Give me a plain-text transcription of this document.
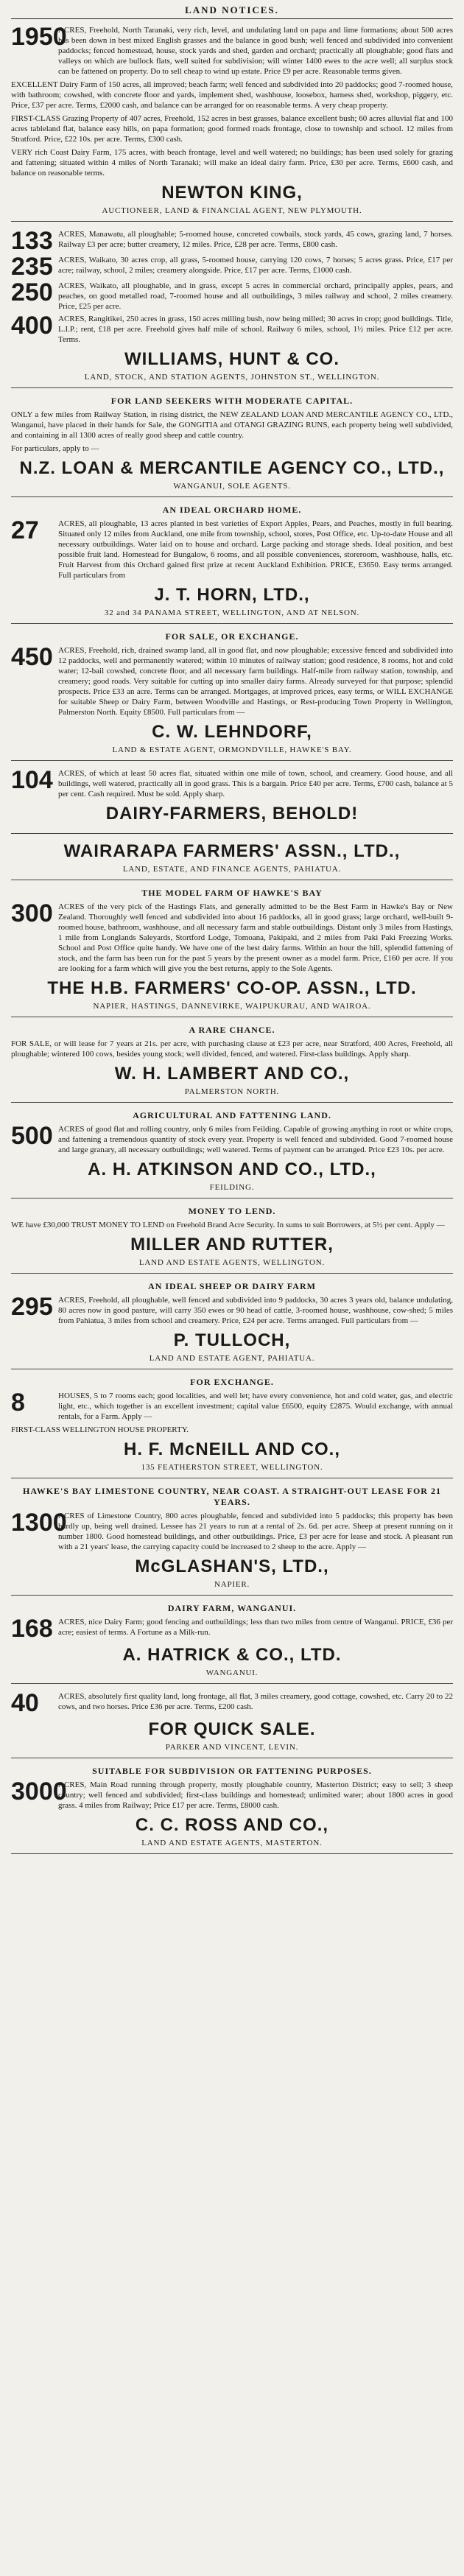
LAND NOTICES.
1950
ACRES, Freehold, North Taranaki, very rich, level, and undulating land on papa and lime formations; about 500 acres has been down in best mixed English grasses and the balance in good bush; well fenced and subdivided into convenient paddocks; fenced homestead, house, stock yards and shed, garden and orchard; practically all ploughable; good flats and valleys on which are bullock flats, well suited for subdivision; will winter 1400 ewes to the acre well; all surplus stock can be fattened on property. Do to sell cheap to wind up estate. Price £9 per acre. Reasonable terms given.
EXCELLENT Dairy Farm of 150 acres, all improved; beach farm; well fenced and subdivided into 20 paddocks; good 7-roomed house, with bathroom; cowshed, with concrete floor and yards, implement shed, washhouse, loosebox, harness shed, workshop, piggery, etc. Price, £37 per acre. Terms, £2000 cash, and balance can be arranged for on reasonable terms. A very cheap property.
FIRST-CLASS Grazing Property of 407 acres, Freehold, 152 acres in best grasses, balance excellent bush; 60 acres alluvial flat and 100 acres tableland flat, balance easy hills, on papa formation; good formed roads frontage, close to township and school. 12 miles from Stratford. Price, £22 10s. per acre. Terms, £300 cash.
VERY rich Coast Dairy Farm, 175 acres, with beach frontage, level and well watered; no buildings; has been used solely for grazing and fattening; situated within 4 miles of North Taranaki; will make an ideal dairy farm. Price, £30 per acre. Terms, £600 cash, and balance on reasonable terms.
NEWTON KING,
AUCTIONEER, LAND & FINANCIAL AGENT, NEW PLYMOUTH.
133 ACRES, Manawatu, all ploughable; 5-roomed house, concreted cowbails, stock yards, 45 cows, grazing land, 7 horses. Railway £3 per acre; butter creamery, 12 miles. Price, £28 per acre. Terms, £800 cash.
235 ACRES, Waikato, 30 acres crop, all grass, 5-roomed house, carrying 120 cows, 7 horses; 5 acres grass. Price, £17 per acre; railway, school, 2 miles; creamery alongside. Price, £17 per acre. Terms, £1000 cash.
250 ACRES, Waikato, all ploughable, and in grass, except 5 acres in commercial orchard, principally apples, pears, and peaches, on good metalled road, 7-roomed house and all outbuildings, 3 miles railway and school, 2 miles creamery. Price, £25 per acre.
400 ACRES, Rangitikei, 250 acres in grass, 150 acres milling bush, now being milled; 30 acres in crop; good buildings. Title, L.I.P.; rent, £18 per acre. Freehold gives half mile of school. Railway 6 miles, school, 1½ miles. Price £12 per acre. Terms.
WILLIAMS, HUNT & CO.
LAND, STOCK, AND STATION AGENTS, JOHNSTON ST., WELLINGTON.
FOR LAND SEEKERS WITH MODERATE CAPITAL.
ONLY a few miles from Railway Station, in rising district, the NEW ZEALAND LOAN AND MERCANTILE AGENCY CO., LTD., Wanganui, have placed in their hands for Sale, the GONGITIA and OTANGI GRAZING RUNS, each property being well subdivided, and containing in all 1300 acres of really good sheep and cattle country.
For particulars, apply to —
N.Z. LOAN & MERCANTILE AGENCY CO., LTD.,
WANGANUI, SOLE AGENTS.
AN IDEAL ORCHARD HOME.
27	ACRES, all ploughable, 13 acres planted in best varieties of Export Apples, Pears, and Peaches, mostly in full bearing. Situated only 12 miles from Auckland, one mile from township, school, stores, Post Office, etc. Up-to-date House and all necessary outbuildings. Water laid on to house and orchard. Large packing and storage sheds. Ideal position, and best possible fruit land. Homestead for Bungalow, 6 rooms, and all possible conveniences, storeroom, washhouse, halls, etc. Fruit Harvest from this Orchard gained first prize at recent Auckland Exhibition. PRICE, £3650. Easy terms arranged. Full particulars from
J. T. HORN, LTD.,
32 and 34 PANAMA STREET, WELLINGTON, AND AT NELSON.
FOR SALE, OR EXCHANGE.
450 ACRES, Freehold, rich, drained swamp land, all in good flat, and now ploughable; excessive fenced and subdivided into 12 paddocks, well and permanently watered; within 10 minutes of railway station; good residence, 8 rooms, hot and cold water; 12-bail cowshed, concrete floor, and all necessary farm buildings. Half-mile from railway station, township, and creamery; good roads. Very suitable for cutting up into smaller dairy farms. Already surveyed for that purpose; splendid prospects. Price £33 an acre. Terms can be arranged. Mortgages, at improved prices, easy terms, or WILL EXCHANGE for suitable Sheep or Dairy Farm, between Woodville and Hastings, or Rest-producing Town Property in Wellington, Palmerston North. Equity £8500. Full particulars from —
C. W. LEHNDORF,
LAND & ESTATE AGENT, ORMONDVILLE, HAWKE'S BAY.
104 ACRES, of which at least 50 acres flat, situated within one mile of town, school, and creamery. Good house, and all buildings, well watered, practically all in good grass. This is a bargain. Price £40 per acre. Terms, £700 cash, balance at 5 per cent. Cash required. Must be sold. Apply sharp.
DAIRY-FARMERS, BEHOLD!
WAIRARAPA FARMERS' ASSN., LTD.,
LAND, ESTATE, AND FINANCE AGENTS, PAHIATUA.
THE MODEL FARM OF HAWKE'S BAY
300 ACRES of the very pick of the Hastings Flats, and generally admitted to be the Best Farm in Hawke's Bay or New Zealand. Thoroughly well fenced and subdivided into about 16 paddocks, all in good grass; large orchard, well-built 9-roomed house, bathroom, washhouse, and all necessary farm and stable outbuildings. Distant only 3 miles from Hastings, 1 mile from Longlands Saleyards, Stortford Lodge, Tomoana, Pakipaki, and 2 miles from Paki Paki Freezing Works. School and Post Office quite handy. We have one of the best dairy farms. Within an hour the hill, splendid fattening of stock, and the farm has been run for the past 5 years by the present owner as a model farm. Price, £160 per acre. If you are looking for a farm which will give you the best returns, apply to the Sole Agents.
THE H.B. FARMERS' CO-OP. ASSN., LTD.
NAPIER, HASTINGS, DANNEVIRKE, WAIPUKURAU, AND WAIROA.
A RARE CHANCE.
FOR SALE, or will lease for 7 years at 21s. per acre, with purchasing clause at £23 per acre, near Stratford, 400 Acres, Freehold, all ploughable; wintered 100 cows, besides young stock; well divided, fenced, and watered. First-class buildings. Apply sharp.
W. H. LAMBERT AND CO.,
PALMERSTON NORTH.
AGRICULTURAL AND FATTENING LAND.
500 ACRES of good flat and rolling country, only 6 miles from Feilding. Capable of growing anything in root or white crops, and fattening a tremendous quantity of stock every year. Property is well fenced and subdivided. Good 7-roomed house and large granary, all necessary outbuildings; well watered. Terms of payment can be arranged. Price £23 10s. per acre.
A. H. ATKINSON AND CO., LTD.,
FEILDING.
MONEY TO LEND.
WE have £30,000 TRUST MONEY TO LEND on Freehold Brand Acre Security. In sums to suit Borrowers, at 5½ per cent. Apply —
MILLER AND RUTTER,
LAND AND ESTATE AGENTS, WELLINGTON.
AN IDEAL SHEEP OR DAIRY FARM
295 ACRES, Freehold, all ploughable, well fenced and subdivided into 9 paddocks, 30 acres 3 years old, balance undulating, 80 acres now in good pasture, will carry 350 ewes or 90 head of cattle, 3-roomed house, washhouse, cow-shed; 5 miles from Pahiatua, 3 miles from school and creamery. Price, £24 per acre. Terms arranged. Full particulars from —
P. TULLOCH,
LAND AND ESTATE AGENT, PAHIATUA.
FOR EXCHANGE.
8	HOUSES, 5 to 7 rooms each; good localities, and well let; have every convenience, hot and cold water, gas, and electric light, etc., which together is an excellent investment; capital value £6500, equity £2875. Would exchange, with annual rentals, for a Farm. Apply —
FIRST-CLASS WELLINGTON HOUSE PROPERTY.
H. F. McNEILL AND CO.,
135 FEATHERSTON STREET, WELLINGTON.
HAWKE'S BAY LIMESTONE COUNTRY, NEAR COAST. A STRAIGHT-OUT LEASE FOR 21 YEARS.
1300
ACRES of Limestone Country, 800 acres ploughable, fenced and subdivided into 5 paddocks; this property has been hardly up, being well drained. Lessee has 21 years to run at a rental of 2s. 6d. per acre. Sheep at present running on it number 1800. Good homestead buildings, and other outbuildings. Price, £3 per acre for lease and stock. A pleasant run with a 21 years' lease, the carrying capacity could be increased to 2 sheep to the acre. Apply —
McGLASHAN'S, LTD.,
NAPIER.
DAIRY FARM, WANGANUI.
168 ACRES, nice Dairy Farm; good fencing and outbuildings; less than two miles from centre of Wanganui. PRICE, £36 per acre; easiest of terms. A Fortune as a Milk-run.
A. HATRICK & CO., LTD.
WANGANUI.
40	ACRES, absolutely first quality land, long frontage, all flat, 3 miles creamery, good cottage, cowshed, etc. Carry 20 to 22 cows, and two horses. Price £36 per acre. Terms, £200 cash.
FOR QUICK SALE.
PARKER AND VINCENT, LEVIN.
SUITABLE FOR SUBDIVISION OR FATTENING PURPOSES.
3000
ACRES, Main Road running through property, mostly ploughable country, Masterton District; easy to sell; 3 sheep country; well fenced and subdivided; first-class buildings and homestead; unlimited water; about 1800 acres in good grass. 4 miles from Railway; Price £17 per acre. Terms, £8000 cash.
C. C. ROSS AND CO.,
LAND AND ESTATE AGENTS, MASTERTON.
